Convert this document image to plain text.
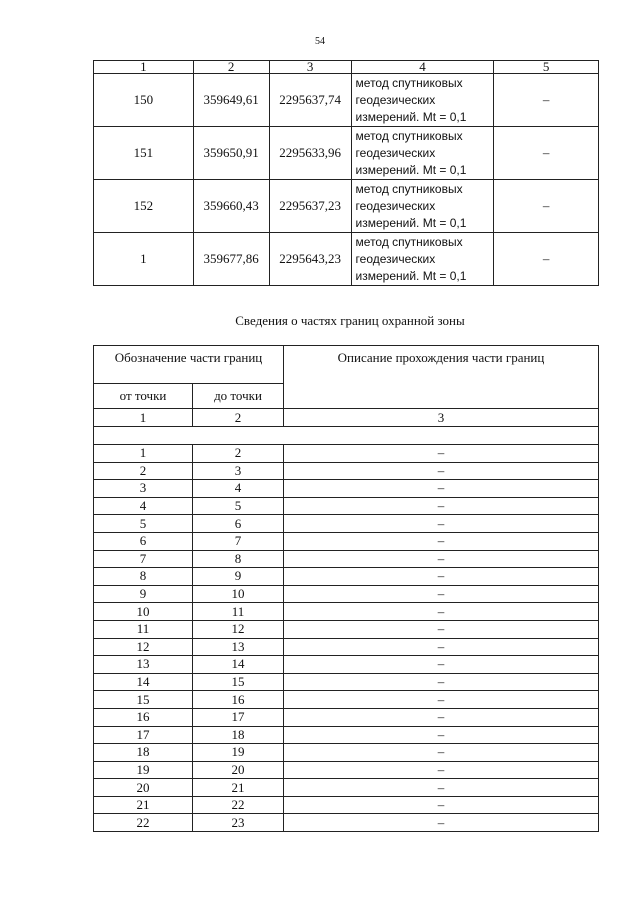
54
1	2	3	4	5
150	359649,61	2295637,74	метод спутниковых
геодезических
измерений. Mt = 0,1	–
151	359650,91	2295633,96	метод спутниковых
геодезических
измерений. Mt = 0,1	–
152	359660,43	2295637,23	метод спутниковых
геодезических
измерений. Mt = 0,1	–
1	359677,86	2295643,23	метод спутниковых
геодезических
измерений. Mt = 0,1	–
Сведения о частях границ охранной зоны
Обозначение части границ		Описание прохождения части границ
от точки	до точки	
1	2	3

1	2	–
2	3	–
3	4	–
4	5	–
5	6	–
6	7	–
7	8	–
8	9	–
9	10	–
10	11	–
11	12	–
12	13	–
13	14	–
14	15	–
15	16	–
16	17	–
17	18	–
18	19	–
19	20	–
20	21	–
21	22	–
22	23	–
